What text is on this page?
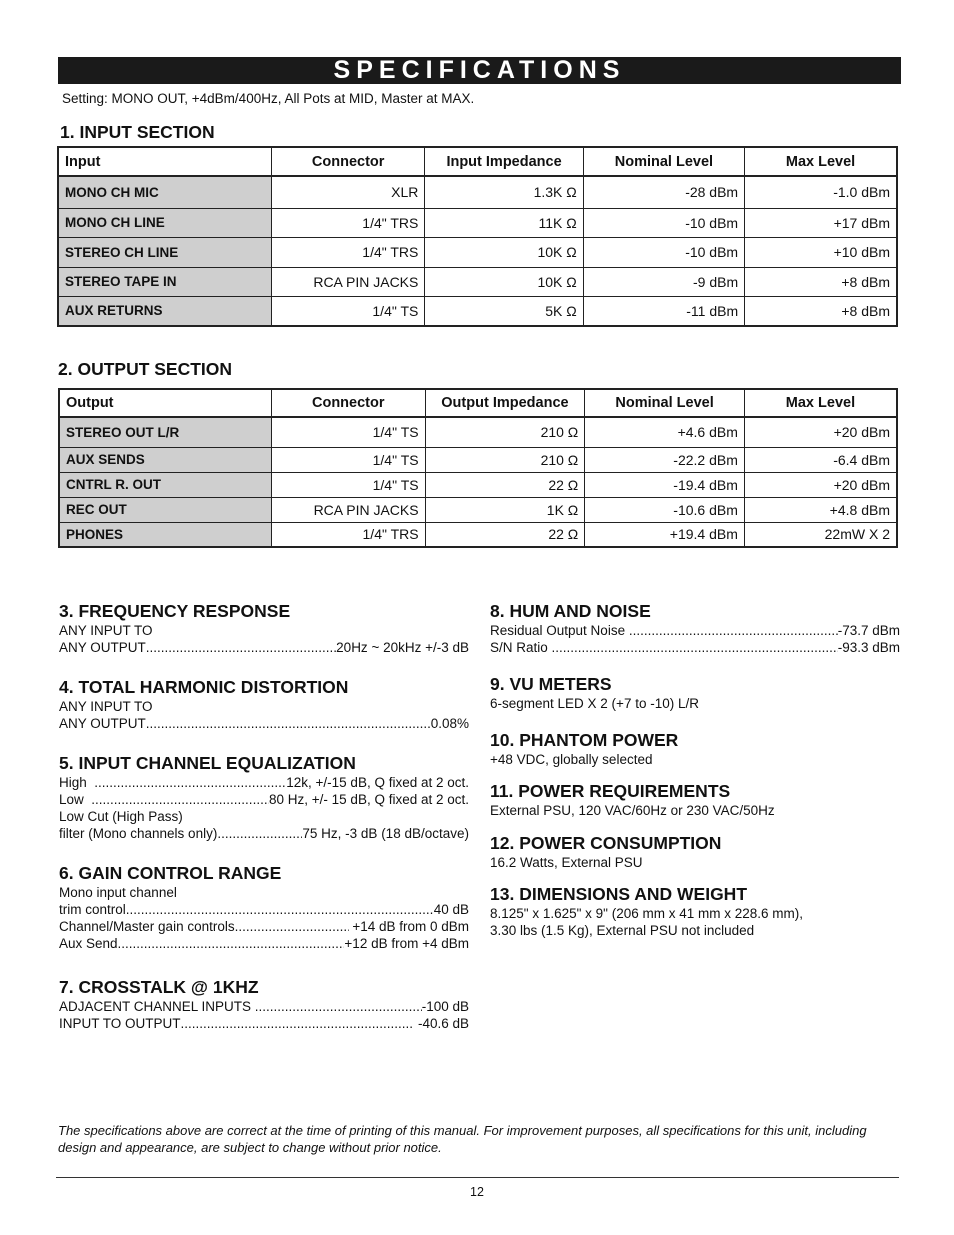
SPECIFICATIONS
Setting: MONO OUT, +4dBm/400Hz, All Pots at MID, Master at MAX.
1. INPUT SECTION
Input	Connector	Input Impedance	Nominal Level	Max Level
MONO CH MIC	XLR	1.3K Ω	-28 dBm	-1.0 dBm
MONO CH LINE	1/4" TRS	11K Ω	-10 dBm	+17 dBm
STEREO CH LINE	1/4" TRS	10K Ω	-10 dBm	+10 dBm
STEREO TAPE IN	RCA PIN JACKS	10K Ω	-9 dBm	+8 dBm
AUX RETURNS	1/4" TS	5K Ω	-11 dBm	+8 dBm
2. OUTPUT SECTION
Output	Connector	Output Impedance	Nominal Level	Max Level
STEREO OUT L/R	1/4" TS	210 Ω	+4.6 dBm	+20 dBm
AUX SENDS	1/4" TS	210 Ω	-22.2 dBm	-6.4 dBm
CNTRL R. OUT	1/4" TS	22 Ω	-19.4 dBm	+20 dBm
REC OUT	RCA PIN JACKS	1K Ω	-10.6 dBm	+4.8 dBm
PHONES	1/4" TRS	22 Ω	+19.4 dBm	22mW X 2
3. FREQUENCY RESPONSE
ANY INPUT TO
ANY OUTPUT .....	20Hz ~ 20kHz +/-3 dB
4. TOTAL HARMONIC DISTORTION
ANY INPUT TO
ANY OUTPUT .....	0.08%
5. INPUT CHANNEL EQUALIZATION
High .....	12k, +/-15 dB, Q fixed at 2 oct.
Low .....	80 Hz, +/- 15 dB, Q fixed at 2 oct.
Low Cut (High Pass)
filter (Mono channels only) .....	75 Hz, -3 dB (18 dB/octave)
6. GAIN CONTROL RANGE
Mono input channel
trim control .....	40 dB
Channel/Master gain controls .....	+14 dB from 0 dBm
Aux Send .....	+12 dB from +4 dBm
7. CROSSTALK @ 1KHZ
ADJACENT CHANNEL INPUTS .....	-100 dB
INPUT TO OUTPUT .....	-40.6 dB
8. HUM AND NOISE
Residual Output Noise .....	-73.7 dBm
S/N Ratio .....	-93.3 dBm
9. VU METERS
6-segment LED X 2 (+7 to -10) L/R
10. PHANTOM POWER
+48 VDC, globally selected
11. POWER REQUIREMENTS
External PSU, 120 VAC/60Hz or 230 VAC/50Hz
12. POWER CONSUMPTION
16.2 Watts, External PSU
13. DIMENSIONS AND WEIGHT
8.125" x 1.625" x 9" (206 mm x 41 mm x 228.6 mm),
3.30 lbs (1.5 Kg), External PSU not included
The specifications above are correct at the time of printing of this manual. For improvement purposes, all specifications for this unit, including design and appearance, are subject to change without prior notice.
12
